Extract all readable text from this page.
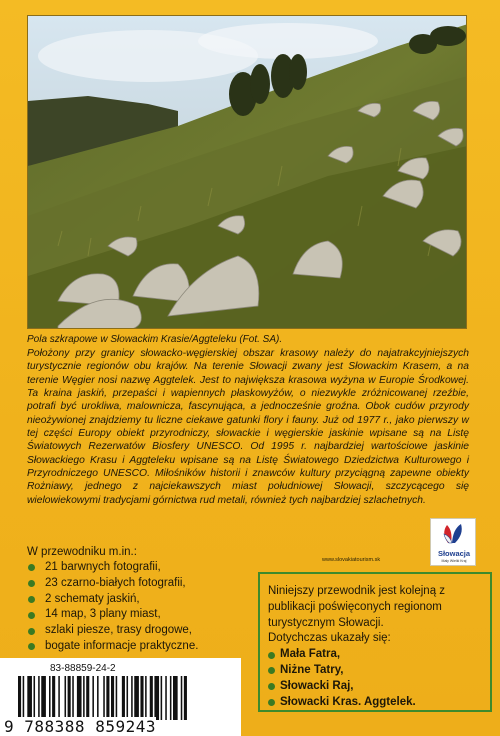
Pola szkrapowe w Słowackim Krasie/Aggteleku (Fot. SA).

Położony przy granicy słowacko-węgierskiej obszar krasowy należy do najatrakcyjniejszych turystycznie regionów obu krajów. Na terenie Słowacji zwany jest Słowackim Krasem, a na terenie Węgier nosi nazwę Aggtelek. Jest to największa krasowa wyżyna w Europie Środkowej. Ta kraina jaskiń, przepaści i wapiennych płaskowyżów, o niezwykle zróżnicowanej rzeźbie, potrafi być urokliwa, malownicza, fascynująca, a jednocześnie groźna. Obok cudów przyrody nieożywionej znajdziemy tu liczne ciekawe gatunki flory i fauny. Już od 1977 r., jako pierwszy w tej części Europy obiekt przyrodniczy, słowackie i węgierskie jaskinie wpisane są na Listę Światowych Rezerwatów Biosfery UNESCO. Od 1995 r. najbardziej wartościowe jaskinie Słowackiego Krasu i Aggteleku wpisane są na Listę Światowego Dziedzictwa Kulturowego i Przyrodniczego UNESCO. Miłośników historii i znawców kultury przyciągną zapewne obiekty Rożniawy, jednego z najciekawszych miast południowej Słowacji, szczycącego się wielowiekowymi tradycjami górnictwa rud metali, również tych najbardziej szlachetnych.

www.slovakiatourism.sk
Słowacja
Mały Wielki Kraj

W przewodniku m.in.:

21 barwnych fotografii,
23 czarno-białych fotografii,
2 schematy jaskiń,
14 map, 3 plany miast,
szlaki piesze, trasy drogowe,
bogate informacje praktyczne.

Niniejszy przewodnik jest kolejną z publikacji poświęconych regionom turystycznym Słowacji.

Dotychczas ukazały się:

Mała Fatra,
Niżne Tatry,
Słowacki Raj,
Słowacki Kras. Aggtelek.
83-88859-24-2
9 788388 859243
